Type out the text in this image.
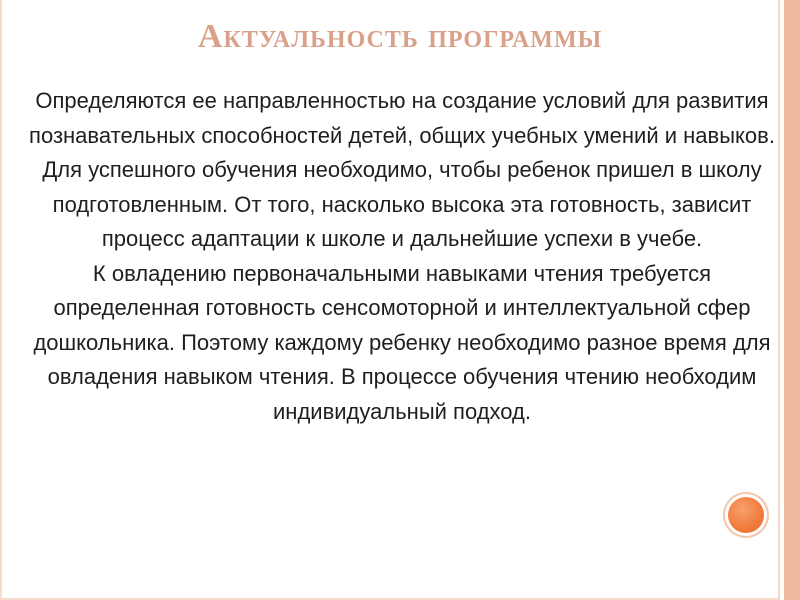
Актуальность программы

Определяются ее направленностью на создание условий для развития познавательных способностей детей, общих учебных умений и навыков. Для успешного обучения необходимо, чтобы ребенок пришел в школу подготовленным. От того, насколько высока эта готовность, зависит процесс адаптации к школе и дальнейшие успехи в учебе.

К овладению первоначальными навыками чтения требуется определенная готовность сенсомоторной и интеллектуальной сфер дошкольника. Поэтому каждому ребенку необходимо разное время для овладения навыком чтения. В процессе обучения чтению необходим индивидуальный подход.
